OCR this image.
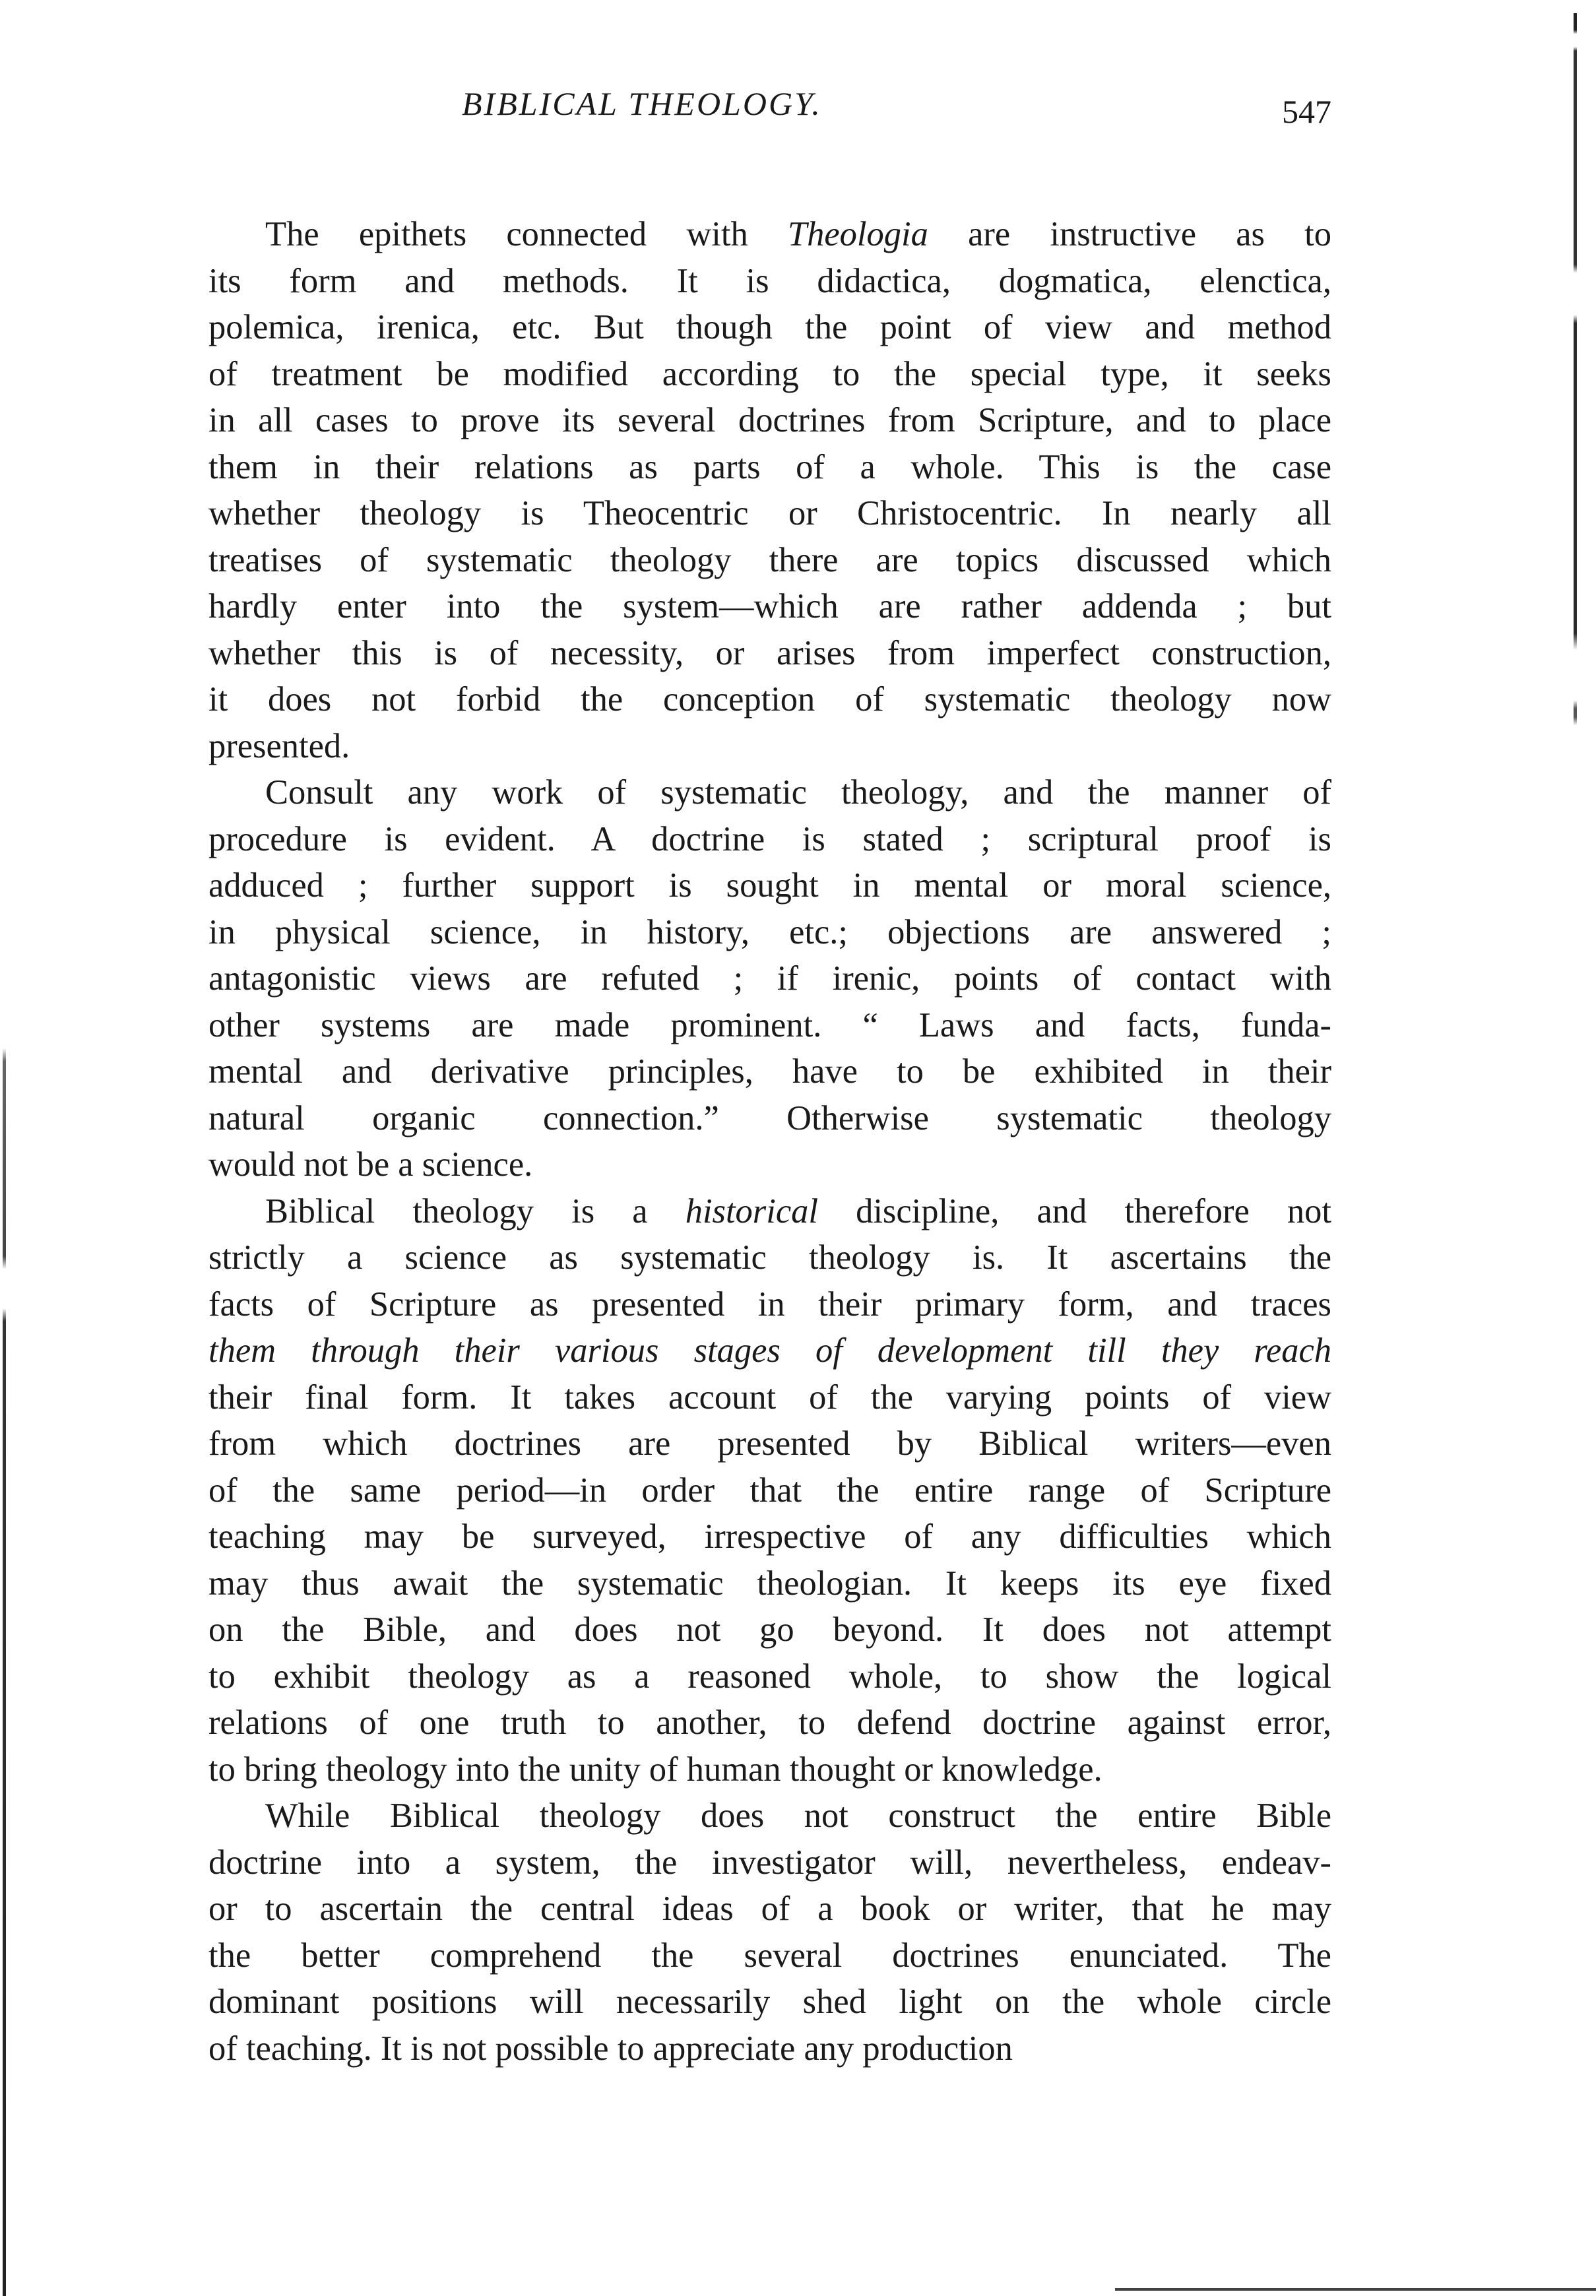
BIBLICAL THEOLOGY.	547
The epithets connected with Theologia are instructive as to
its form and methods. It is didactica, dogmatica, elenctica,
polemica, irenica, etc. But though the point of view and method
of treatment be modified according to the special type, it seeks
in all cases to prove its several doctrines from Scripture, and to place
them in their relations as parts of a whole. This is the case
whether theology is Theocentric or Christocentric. In nearly all
treatises of systematic theology there are topics discussed which
hardly enter into the system—which are rather addenda ; but
whether this is of necessity, or arises from imperfect construction,
it does not forbid the conception of systematic theology now
presented.
Consult any work of systematic theology, and the manner of
procedure is evident. A doctrine is stated ; scriptural proof is
adduced ; further support is sought in mental or moral science,
in physical science, in history, etc.; objections are answered ;
antagonistic views are refuted ; if irenic, points of contact with
other systems are made prominent. “ Laws and facts, funda-
mental and derivative principles, have to be exhibited in their
natural organic connection.” Otherwise systematic theology
would not be a science.
Biblical theology is a historical discipline, and therefore not
strictly a science as systematic theology is. It ascertains the
facts of Scripture as presented in their primary form, and traces
them through their various stages of development till they reach
their final form. It takes account of the varying points of view
from which doctrines are presented by Biblical writers—even
of the same period—in order that the entire range of Scripture
teaching may be surveyed, irrespective of any difficulties which
may thus await the systematic theologian. It keeps its eye fixed
on the Bible, and does not go beyond. It does not attempt
to exhibit theology as a reasoned whole, to show the logical
relations of one truth to another, to defend doctrine against error,
to bring theology into the unity of human thought or knowledge.
While Biblical theology does not construct the entire Bible
doctrine into a system, the investigator will, nevertheless, endeav-
or to ascertain the central ideas of a book or writer, that he may
the better comprehend the several doctrines enunciated. The
dominant positions will necessarily shed light on the whole circle
of teaching. It is not possible to appreciate any production
